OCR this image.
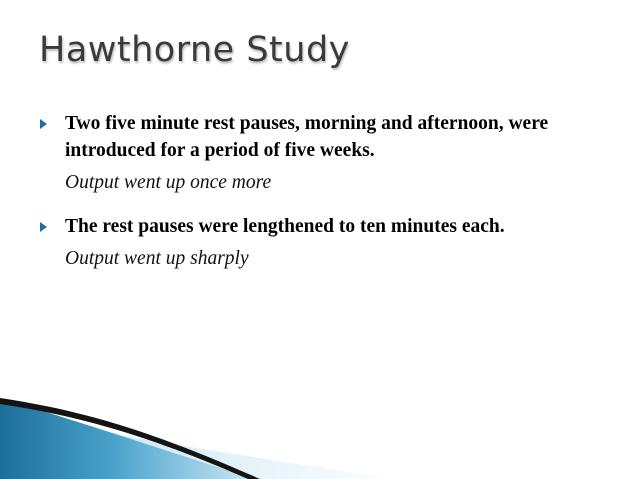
Hawthorne Study
Two five minute rest pauses, morning and afternoon, were introduced for a period of five weeks.
Output went up once more
The rest pauses were lengthened to ten minutes each.
Output went up sharply
